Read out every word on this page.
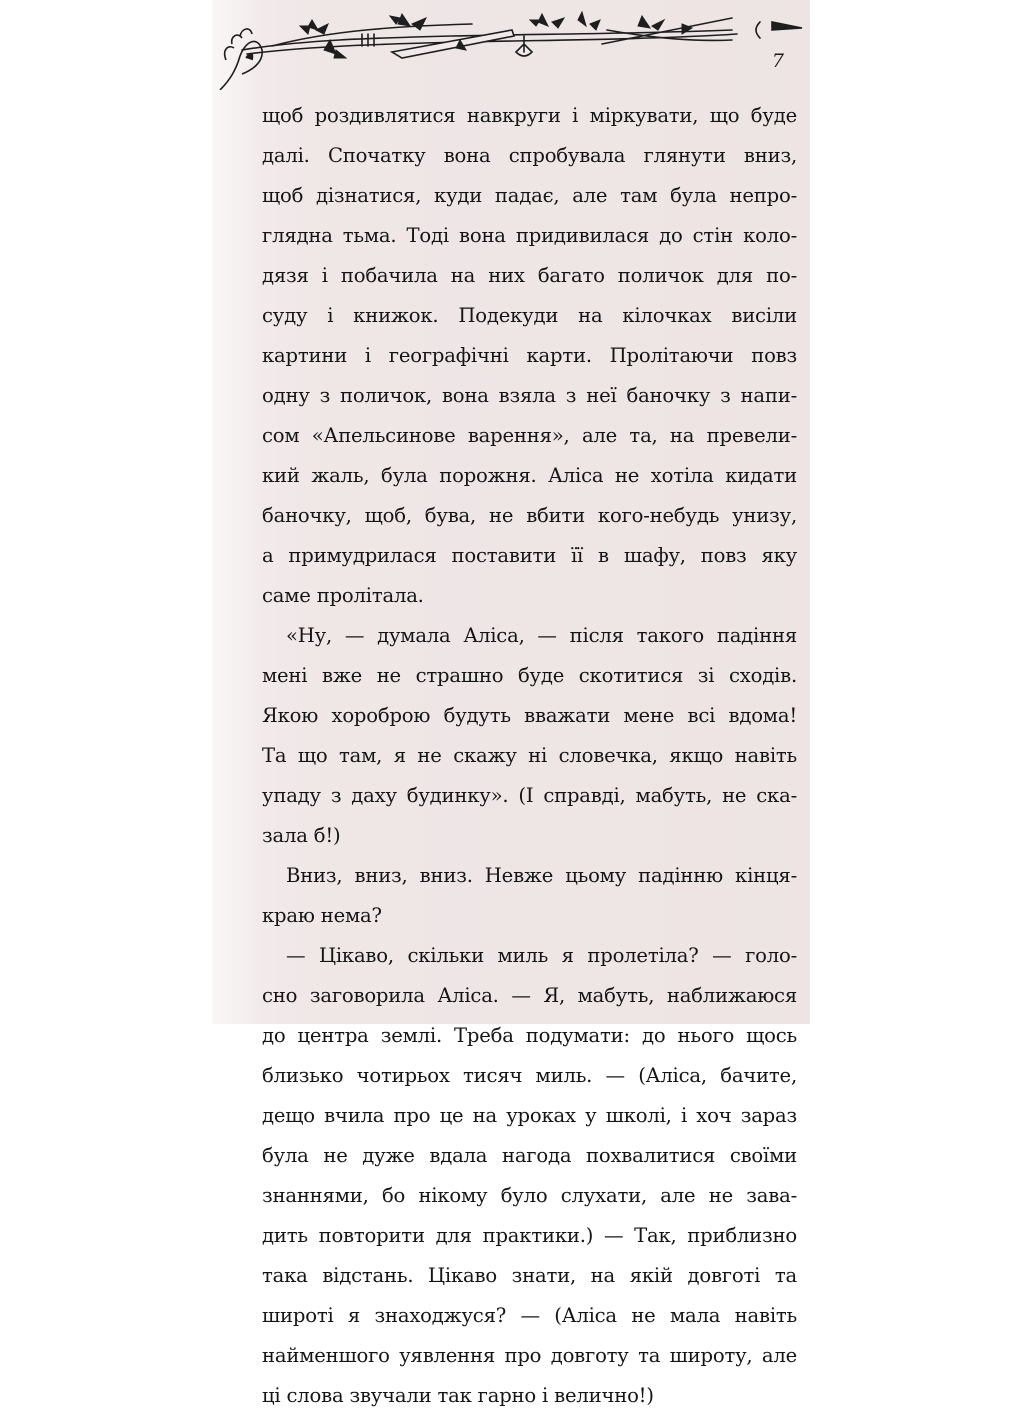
7
щоб роздивлятися навкруги і міркувати, що буде
далі. Спочатку вона спробувала глянути вниз,
щоб дізнатися, куди падає, але там була непро-
глядна тьма. Тоді вона придивилася до стін коло-
дязя і побачила на них багато поличок для по-
суду і книжок. Подекуди на кілочках висіли
картини і географічні карти. Пролітаючи повз
одну з поличок, вона взяла з неї баночку з напи-
сом «Апельсинове варення», але та, на превели-
кий жаль, була порожня. Аліса не хотіла кидати
баночку, щоб, бува, не вбити кого-небудь унизу,
а примудрилася поставити її в шафу, повз яку
саме пролітала.
«Ну, — думала Аліса, — після такого падіння
мені вже не страшно буде скотитися зі сходів.
Якою хороброю будуть вважати мене всі вдома!
Та що там, я не скажу ні словечка, якщо навіть
упаду з даху будинку». (І справді, мабуть, не ска-
зала б!)
Вниз, вниз, вниз. Невже цьому падінню кінця-
краю нема?
— Цікаво, скільки миль я пролетіла? — голо-
сно заговорила Аліса. — Я, мабуть, наближаюся
до центра землі. Треба подумати: до нього щось
близько чотирьох тисяч миль. — (Аліса, бачите,
дещо вчила про це на уроках у школі, і хоч зараз
була не дуже вдала нагода похвалитися своїми
знаннями, бо нікому було слухати, але не зава-
дить повторити для практики.) — Так, приблизно
така відстань. Цікаво знати, на якій довготі та
широті я знаходжуся? — (Аліса не мала навіть
найменшого уявлення про довготу та широту, але
ці слова звучали так гарно і велично!)
